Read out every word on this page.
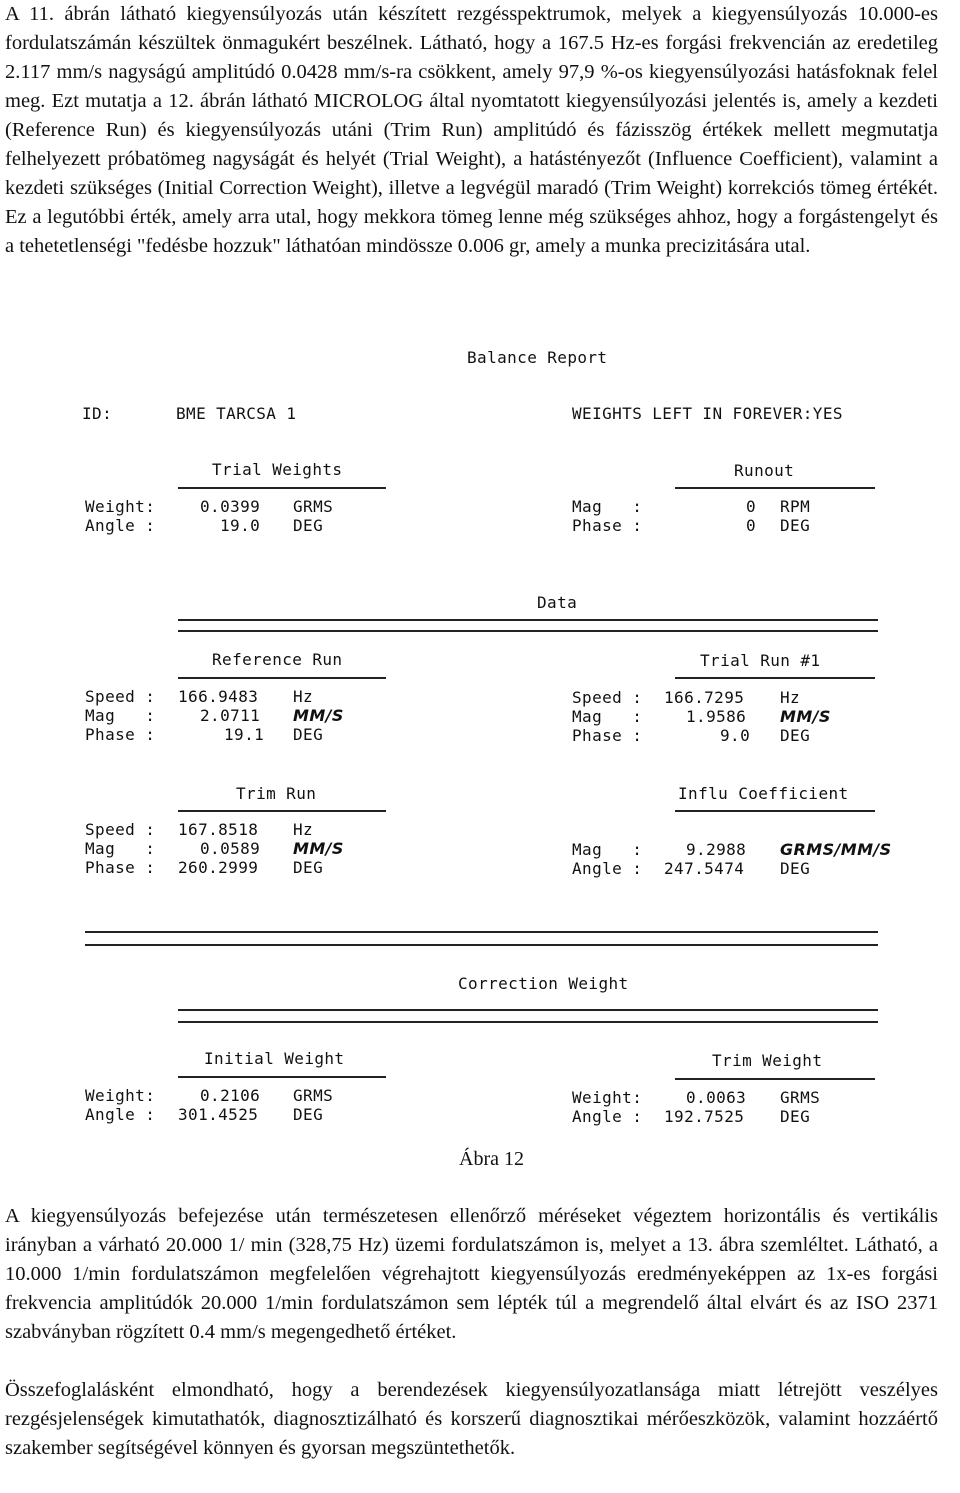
A 11. ábrán látható kiegyensúlyozás után készített rezgésspektrumok, melyek a kiegyensúlyozás 10.000-es fordulatszámán készültek önmagukért beszélnek. Látható, hogy a 167.5 Hz-es forgási frekvencián az eredetileg 2.117 mm/s nagyságú amplitúdó 0.0428 mm/s-ra csökkent, amely 97,9 %-os kiegyensúlyozási hatásfoknak felel meg. Ezt mutatja a 12. ábrán látható MICROLOG által nyomtatott kiegyensúlyozási jelentés is, amely a kezdeti (Reference Run) és kiegyensúlyozás utáni (Trim Run) amplitúdó és fázisszög értékek mellett megmutatja felhelyezett próbatömeg nagyságát és helyét (Trial Weight), a hatástényezőt (Influence Coefficient), valamint a kezdeti szükséges (Initial Correction Weight), illetve a legvégül maradó (Trim Weight) korrekciós tömeg értékét. Ez a legutóbbi érték, amely arra utal, hogy mekkora tömeg lenne még szükséges ahhoz, hogy a forgástengelyt és a tehetetlenségi "fedésbe hozzuk" láthatóan mindössze 0.006 gr, amely a munka precizitására utal.

Balance Report
ID:	BME TARCSA 1	WEIGHTS LEFT IN FOREVER:YES
Trial Weights
Weight:	0.0399 GRMS
Angle :	19.0 DEG
Runout
Mag   :	0 RPM
Phase :	0 DEG
Data
Reference Run
Speed : 166.9483 Hz
Mag   :	2.0711 MM/S
Phase :	19.1 DEG
Trial Run #1
Speed : 166.7295 Hz
Mag   :	1.9586 MM/S
Phase :	9.0 DEG
Trim Run
Speed : 167.8518 Hz
Mag   :	0.0589 MM/S
Phase : 260.2999 DEG
Influ Coefficient
Mag   :	9.2988 GRMS/MM/S
Angle : 247.5474 DEG
Correction Weight
Initial Weight
Weight:	0.2106 GRMS
Angle : 301.4525 DEG
Trim Weight
Weight:	0.0063 GRMS
Angle : 192.7525 DEG
Ábra 12

A kiegyensúlyozás befejezése után természetesen ellenőrző méréseket végeztem horizontális és vertikális irányban a várható 20.000 1/ min (328,75 Hz) üzemi fordulatszámon is, melyet a 13. ábra szemléltet. Látható, a 10.000 1/min fordulatszámon megfelelően végrehajtott kiegyensúlyozás eredményeképpen az 1x-es forgási frekvencia amplitúdók 20.000 1/min fordulatszámon sem lépték túl a megrendelő által elvárt és az ISO 2371 szabványban rögzített 0.4 mm/s megengedhető értéket.

Összefoglalásként elmondható, hogy a berendezések kiegyensúlyozatlansága miatt létrejött veszélyes rezgésjelenségek kimutathatók, diagnosztizálható és korszerű diagnosztikai mérőeszközök, valamint hozzáértő szakember segítségével könnyen és gyorsan megszüntethetők.
